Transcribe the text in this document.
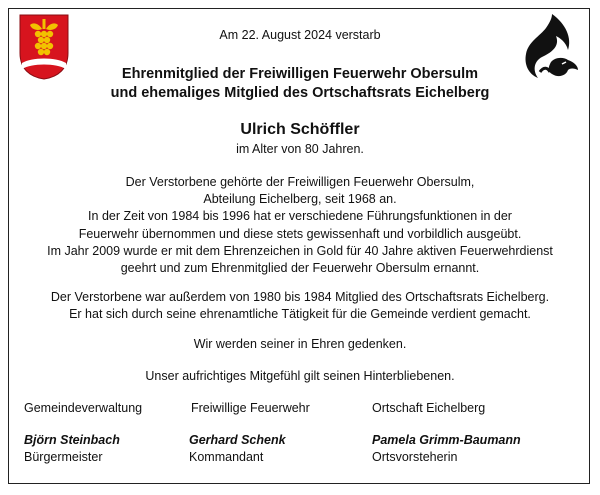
Am 22. August 2024 verstarb
Ehrenmitglied der Freiwilligen Feuerwehr Obersulm
und ehemaliges Mitglied des Ortschaftsrats Eichelberg
Ulrich Schöffler
im Alter von 80 Jahren.
Der Verstorbene gehörte der Freiwilligen Feuerwehr Obersulm,
Abteilung Eichelberg, seit 1968 an.
In der Zeit von 1984 bis 1996 hat er verschiedene Führungsfunktionen in der
Feuerwehr übernommen und diese stets gewissenhaft und vorbildlich ausgeübt.
Im Jahr 2009 wurde er mit dem Ehrenzeichen in Gold für 40 Jahre aktiven Feuerwehrdienst
geehrt und zum Ehrenmitglied der Feuerwehr Obersulm ernannt.
Der Verstorbene war außerdem von 1980 bis 1984 Mitglied des Ortschaftsrats Eichelberg.
Er hat sich durch seine ehrenamtliche Tätigkeit für die Gemeinde verdient gemacht.
Wir werden seiner in Ehren gedenken.
Unser aufrichtiges Mitgefühl gilt seinen Hinterbliebenen.
Gemeindeverwaltung	Freiwillige Feuerwehr	Ortschaft Eichelberg
Björn Steinbach	Gerhard Schenk	Pamela Grimm-Baumann
Bürgermeister	Kommandant	Ortsvorsteherin
